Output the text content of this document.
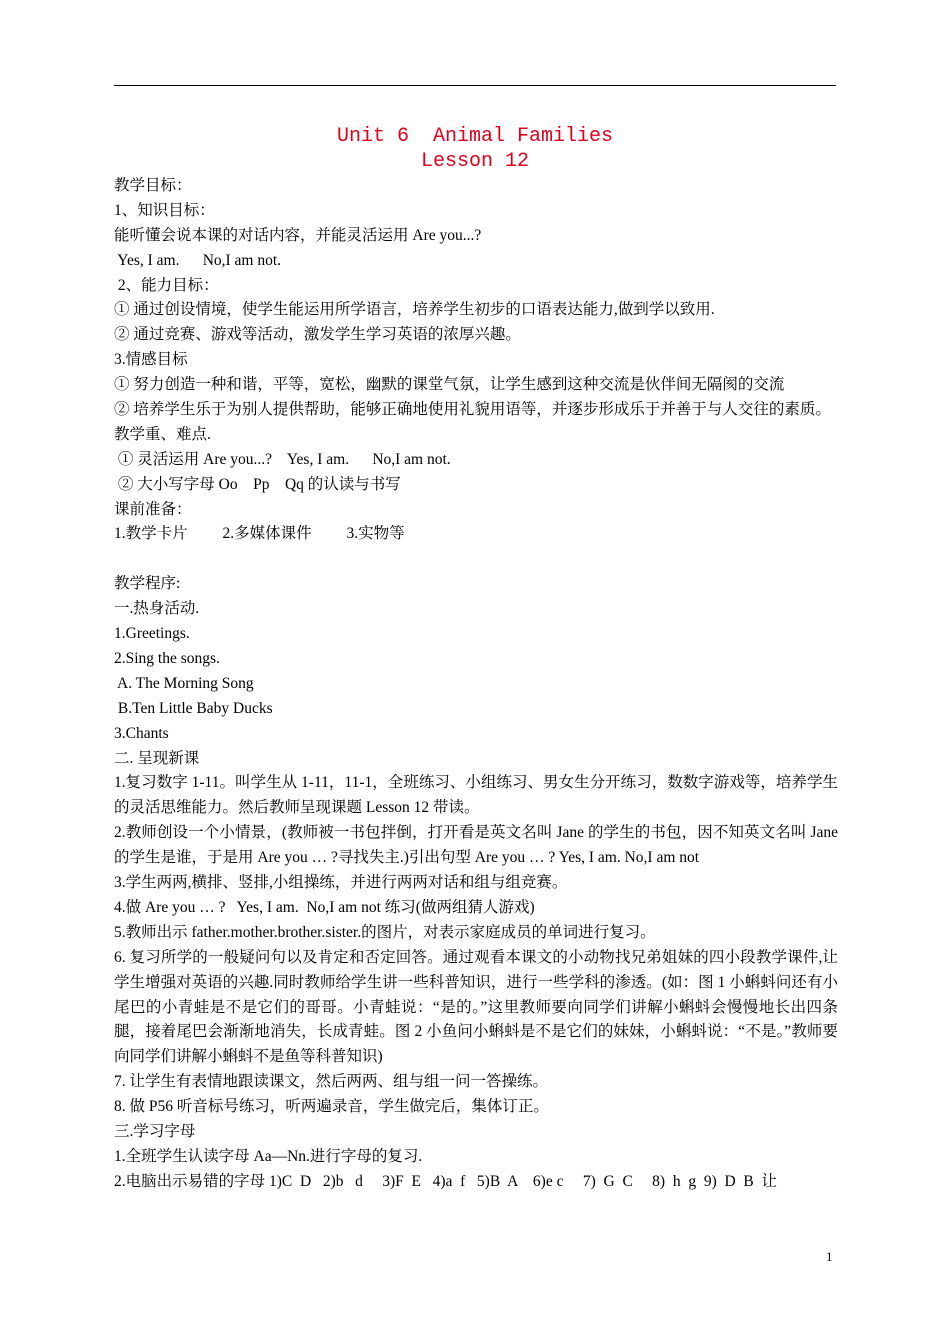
Unit 6  Animal Families
Lesson 12
教学目标：
1、知识目标：
能听懂会说本课的对话内容，并能灵活运用 Are you...?
Yes, I am.      No,I am not.
2、能力目标：
① 通过创设情境，使学生能运用所学语言，培养学生初步的口语表达能力,做到学以致用.
② 通过竞赛、游戏等活动，激发学生学习英语的浓厚兴趣。
3.情感目标
① 努力创造一种和谐，平等，宽松，幽默的课堂气氛，让学生感到这种交流是伙伴间无隔阂的交流
② 培养学生乐于为别人提供帮助，能够正确地使用礼貌用语等，并逐步形成乐于并善于与人交往的素质。
教学重、难点.
① 灵活运用 Are you...?    Yes, I am.      No,I am not.
② 大小写字母 Oo    Pp    Qq 的认读与书写
课前准备：
1.教学卡片         2.多媒体课件         3.实物等
教学程序:
一.热身活动.
1.Greetings.
2.Sing the songs.
A. The Morning Song
B.Ten Little Baby Ducks
3.Chants
二. 呈现新课
1.复习数字 1-11。叫学生从 1-11，11-1，全班练习、小组练习、男女生分开练习，数数字游戏等，培养学生的灵活思维能力。然后教师呈现课题 Lesson 12 带读。
2.教师创设一个小情景，(教师被一书包拌倒，打开看是英文名叫 Jane 的学生的书包，因不知英文名叫 Jane 的学生是谁，于是用 Are you … ?寻找失主.)引出句型 Are you … ? Yes, I am. No,I am not
3.学生两两,横排、竖排,小组操练，并进行两两对话和组与组竞赛。
4.做 Are you … ?   Yes, I am.  No,I am not 练习(做两组猜人游戏)
5.教师出示 father.mother.brother.sister.的图片，对表示家庭成员的单词进行复习。
6. 复习所学的一般疑问句以及肯定和否定回答。通过观看本课文的小动物找兄弟姐妹的四小段教学课件,让学生增强对英语的兴趣.同时教师给学生讲一些科普知识，进行一些学科的渗透。(如：图 1 小蝌蚪问还有小尾巴的小青蛙是不是它们的哥哥。小青蛙说：“是的。”这里教师要向同学们讲解小蝌蚪会慢慢地长出四条腿，接着尾巴会渐渐地消失，长成青蛙。图 2 小鱼问小蝌蚪是不是它们的妹妹，小蝌蚪说：“不是。”教师要向同学们讲解小蝌蚪不是鱼等科普知识)
7. 让学生有表情地跟读课文，然后两两、组与组一问一答操练。
8. 做 P56 听音标号练习，听两遍录音，学生做完后，集体订正。
三.学习字母
1.全班学生认读字母 Aa—Nn.进行字母的复习.
2.电脑出示易错的字母 1)C  D   2)b   d     3)F  E   4)a  f   5)B  A    6)e c     7)  G  C     8)  h  g  9)  D  B  让
1
